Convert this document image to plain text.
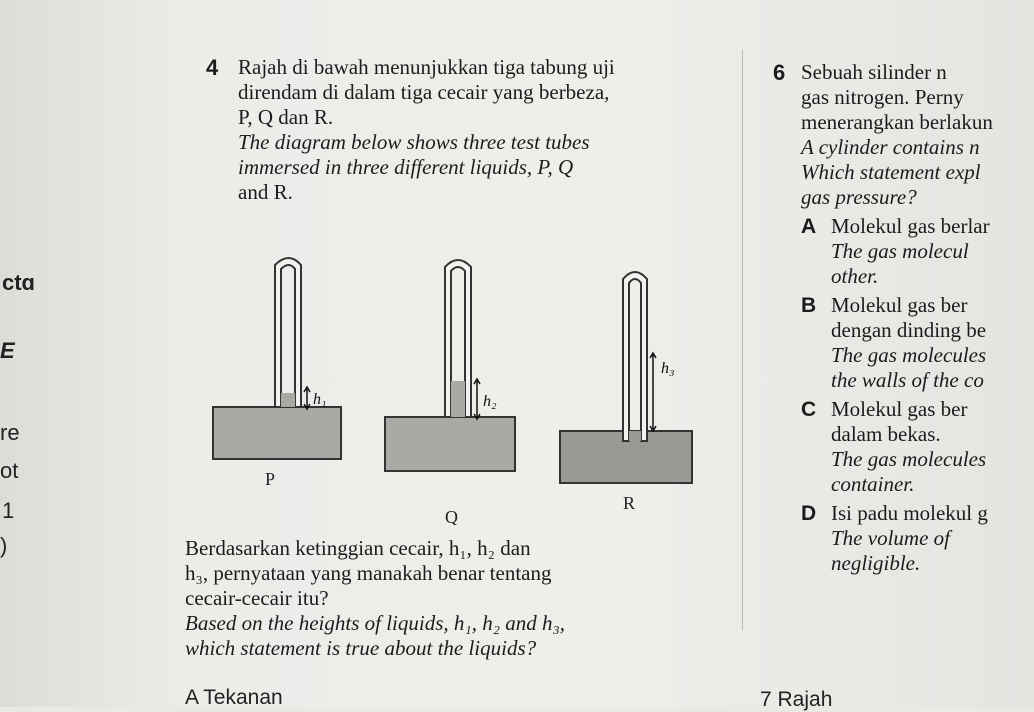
ctɑ
E
re
ot
1
)
4 Rajah di bawah menunjukkan tiga tabung uji

direndam di dalam tiga cecair yang berbeza,

P, Q dan R.

The diagram below shows three test tubes

immersed in three different liquids, P, Q

and R.

h₁
P
h₂
Q
h₃
R

Berdasarkan ketinggian cecair, h₁, h₂ dan

h₃, pernyataan yang manakah benar tentang

cecair-cecair itu?

Based on the heights of liquids, h₁, h₂ and h₃,

which statement is true about the liquids?

A Tekanan
6 Sebuah silinder n

gas nitrogen. Perny

menerangkan berlakun

A cylinder contains n

Which statement expl

gas pressure?

A Molekul gas berlar
The gas molecul
other.
B Molekul gas ber
dengan dinding be
The gas molecules
the walls of the co
C Molekul gas ber
dalam bekas.
The gas molecules
container.
D Isi padu molekul g
The volume of
negligible.
7 Rajah
